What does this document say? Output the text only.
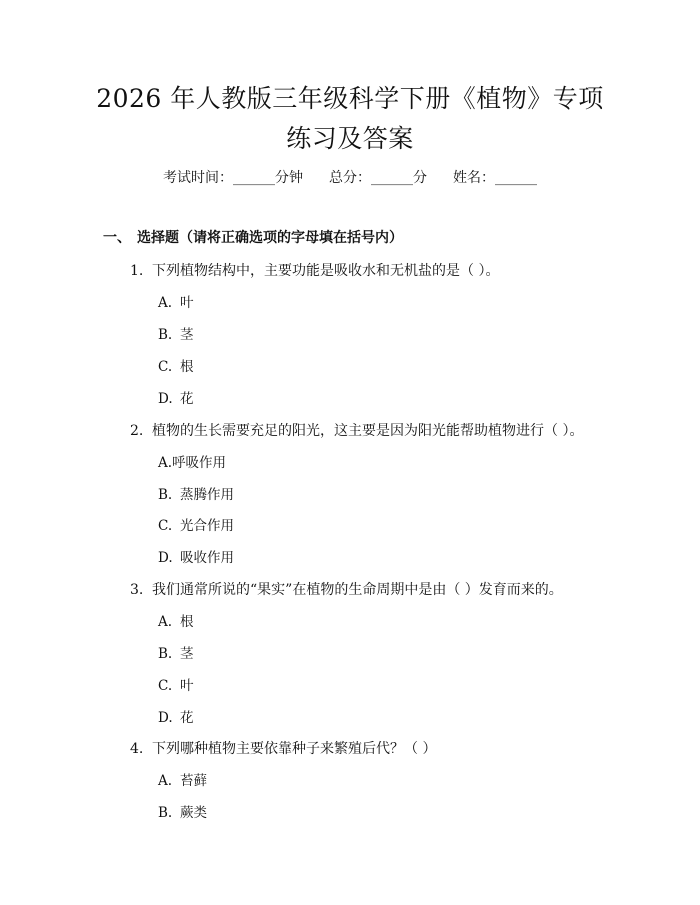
2026 年人教版三年级科学下册《植物》专项
练习及答案
考试时间：______分钟 总分：______分 姓名：______
一、 选择题（请将正确选项的字母填在括号内）
1. 下列植物结构中，主要功能是吸收水和无机盐的是（ ）。
A. 叶
B. 茎
C. 根
D. 花
2. 植物的生长需要充足的阳光，这主要是因为阳光能帮助植物进行（ ）。
A.呼吸作用
B. 蒸腾作用
C. 光合作用
D. 吸收作用
3. 我们通常所说的“果实”在植物的生命周期中是由（ ）发育而来的。
A. 根
B. 茎
C. 叶
D. 花
4. 下列哪种植物主要依靠种子来繁殖后代？（ ）
A. 苔藓
B. 蕨类
